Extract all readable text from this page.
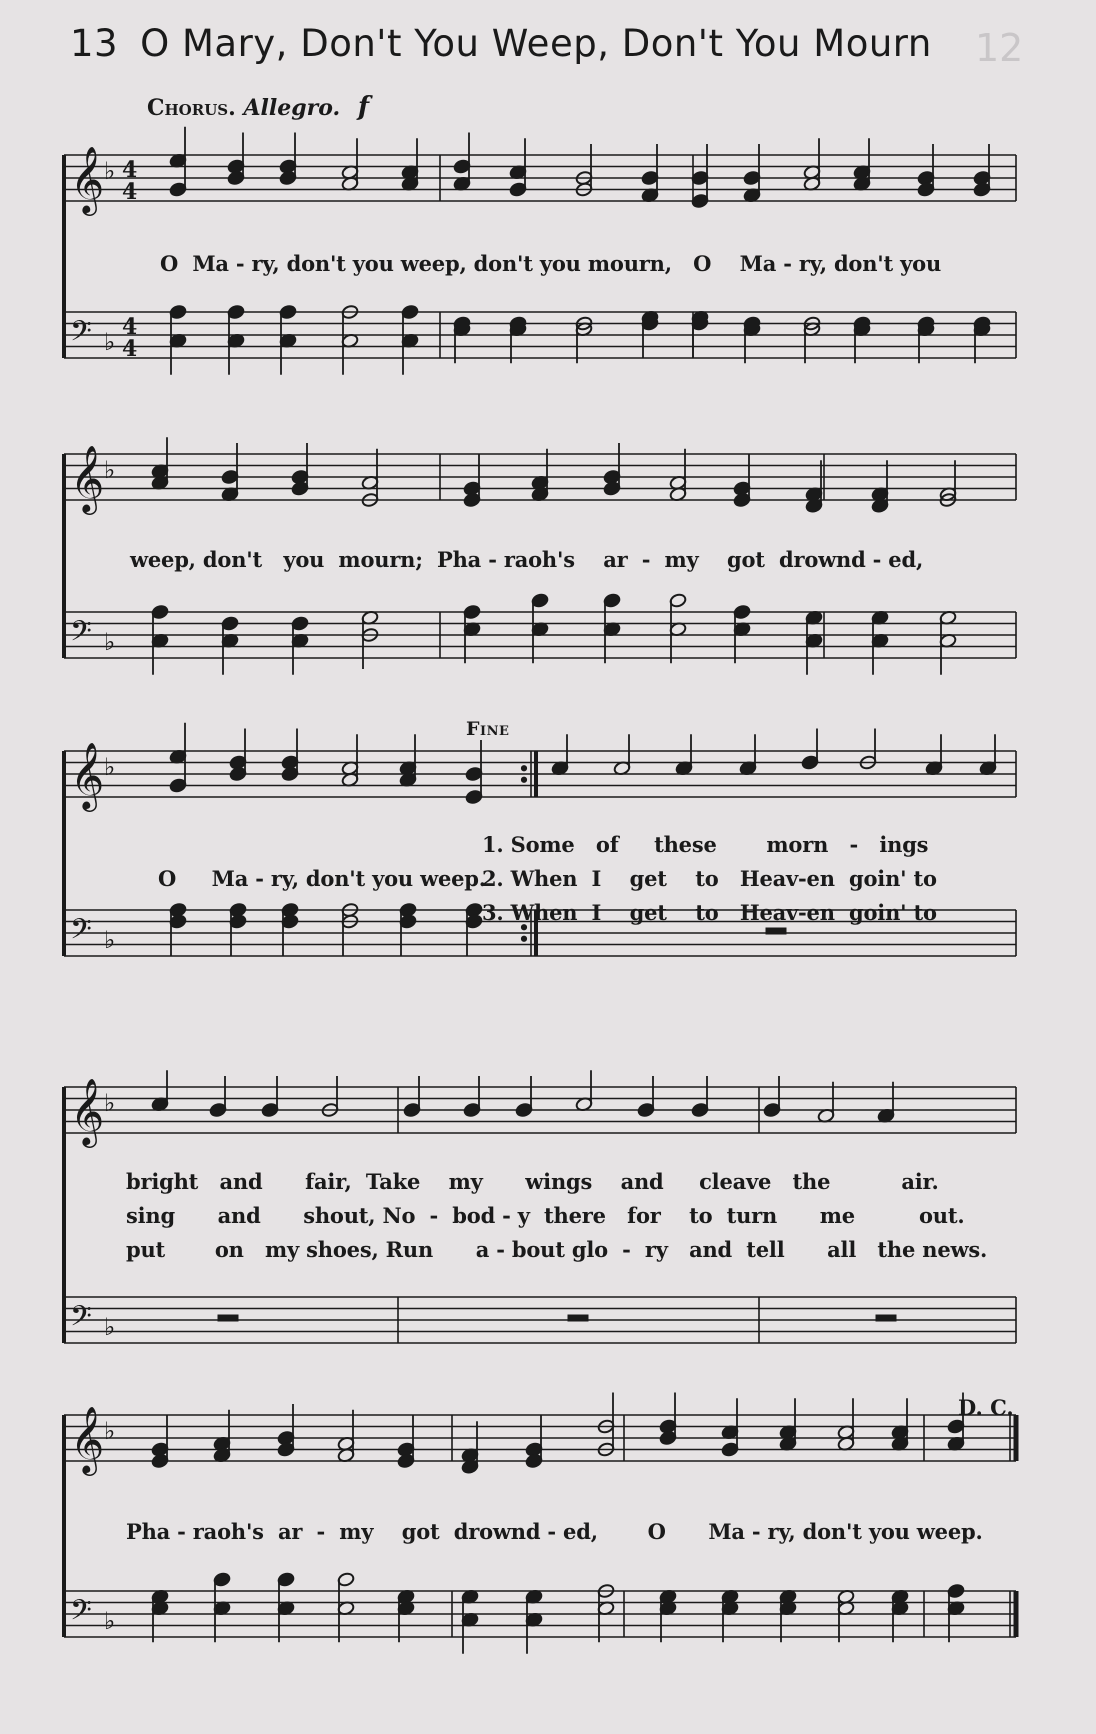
13 O Mary, Don't You Weep, Don't You Mourn 12
Chorus. Allegro. f
𝄞 ♭ 4
4
𝄢 ♭
4
4
𝄞 ♭
𝄢 ♭
𝄞 ♭
𝄢 ♭
𝄞 ♭
𝄢 ♭
𝄞 ♭
𝄢 ♭
Fine
D. C.
O  Ma - ry, don't you weep, don't you mourn,   O    Ma - ry, don't you
weep, don't   you  mourn;  Pha - raoh's    ar  -  my    got  drownd - ed,
O     Ma - ry, don't you weep.
1. Some   of     these       morn   -   ings
2. When  I    get    to   Heav-en  goin' to
3. When  I    get    to   Heav-en  goin' to
bright   and      fair,  Take    my      wings    and     cleave   the          air.
sing      and      shout, No  -  bod - y  there   for    to  turn      me         out.
put       on   my shoes, Run      a - bout glo  -  ry   and  tell      all   the news.
Pha - raoh's  ar  -  my    got  drownd - ed,       O      Ma - ry, don't you weep.
